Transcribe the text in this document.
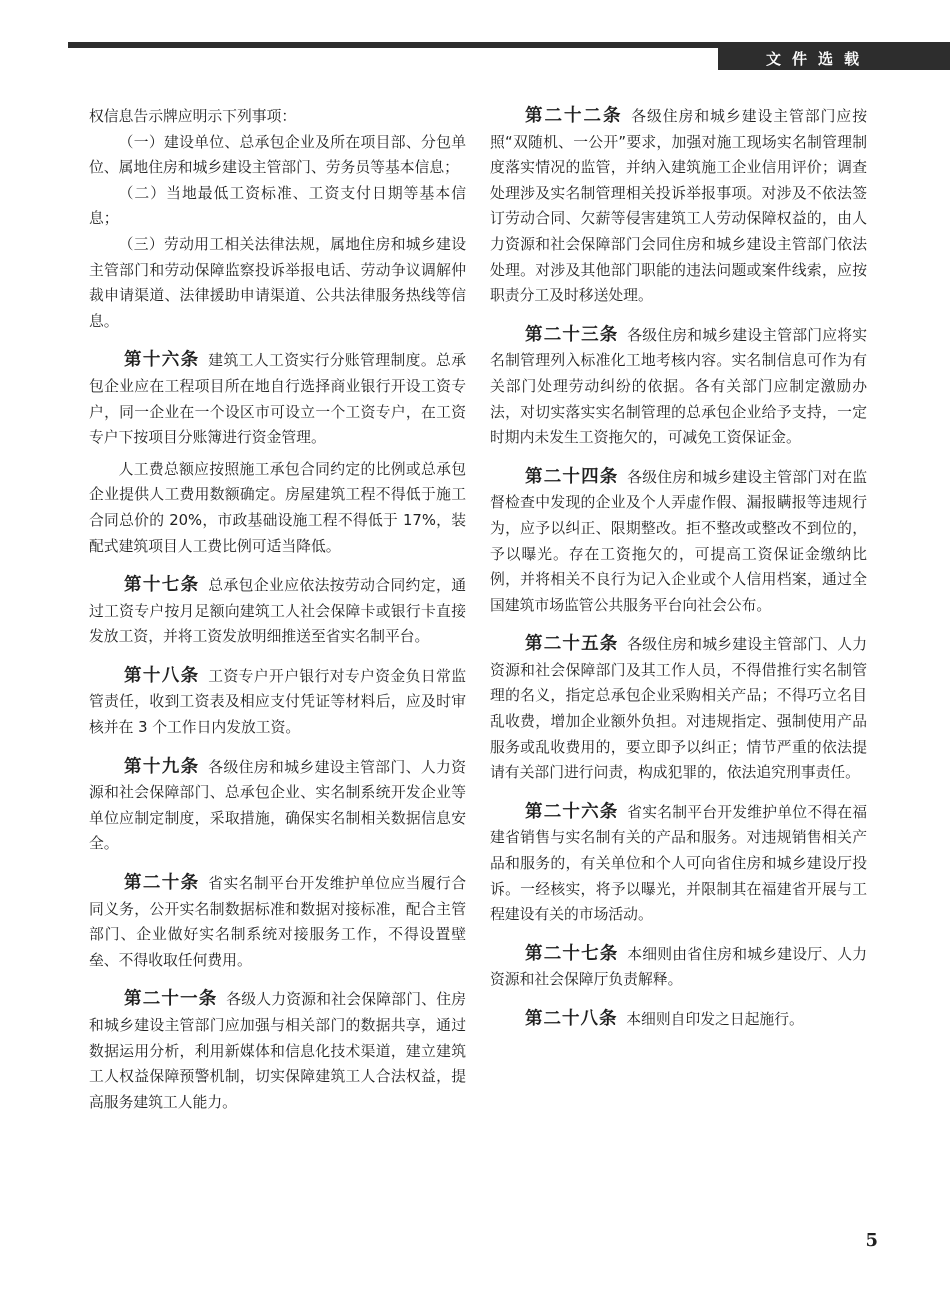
文件选载

权信息告示牌应明示下列事项：

（一）建设单位、总承包企业及所在项目部、分包单位、属地住房和城乡建设主管部门、劳务员等基本信息；

（二）当地最低工资标准、工资支付日期等基本信息；

（三）劳动用工相关法律法规，属地住房和城乡建设主管部门和劳动保障监察投诉举报电话、劳动争议调解仲裁申请渠道、法律援助申请渠道、公共法律服务热线等信息。

第十六条 建筑工人工资实行分账管理制度。总承包企业应在工程项目所在地自行选择商业银行开设工资专户，同一企业在一个设区市可设立一个工资专户，在工资专户下按项目分账簿进行资金管理。

人工费总额应按照施工承包合同约定的比例或总承包企业提供人工费用数额确定。房屋建筑工程不得低于施工合同总价的 20%，市政基础设施工程不得低于 17%，装配式建筑项目人工费比例可适当降低。

第十七条 总承包企业应依法按劳动合同约定，通过工资专户按月足额向建筑工人社会保障卡或银行卡直接发放工资，并将工资发放明细推送至省实名制平台。

第十八条 工资专户开户银行对专户资金负日常监管责任，收到工资表及相应支付凭证等材料后，应及时审核并在 3 个工作日内发放工资。

第十九条 各级住房和城乡建设主管部门、人力资源和社会保障部门、总承包企业、实名制系统开发企业等单位应制定制度，采取措施，确保实名制相关数据信息安全。

第二十条 省实名制平台开发维护单位应当履行合同义务，公开实名制数据标准和数据对接标准，配合主管部门、企业做好实名制系统对接服务工作，不得设置壁垒、不得收取任何费用。

第二十一条 各级人力资源和社会保障部门、住房和城乡建设主管部门应加强与相关部门的数据共享，通过数据运用分析，利用新媒体和信息化技术渠道，建立建筑工人权益保障预警机制，切实保障建筑工人合法权益，提高服务建筑工人能力。

第二十二条 各级住房和城乡建设主管部门应按照“双随机、一公开”要求，加强对施工现场实名制管理制度落实情况的监管，并纳入建筑施工企业信用评价；调查处理涉及实名制管理相关投诉举报事项。对涉及不依法签订劳动合同、欠薪等侵害建筑工人劳动保障权益的，由人力资源和社会保障部门会同住房和城乡建设主管部门依法处理。对涉及其他部门职能的违法问题或案件线索，应按职责分工及时移送处理。

第二十三条 各级住房和城乡建设主管部门应将实名制管理列入标准化工地考核内容。实名制信息可作为有关部门处理劳动纠纷的依据。各有关部门应制定激励办法，对切实落实实名制管理的总承包企业给予支持，一定时期内未发生工资拖欠的，可减免工资保证金。

第二十四条 各级住房和城乡建设主管部门对在监督检查中发现的企业及个人弄虚作假、漏报瞒报等违规行为，应予以纠正、限期整改。拒不整改或整改不到位的，予以曝光。存在工资拖欠的，可提高工资保证金缴纳比例，并将相关不良行为记入企业或个人信用档案，通过全国建筑市场监管公共服务平台向社会公布。

第二十五条 各级住房和城乡建设主管部门、人力资源和社会保障部门及其工作人员，不得借推行实名制管理的名义，指定总承包企业采购相关产品；不得巧立名目乱收费，增加企业额外负担。对违规指定、强制使用产品服务或乱收费用的，要立即予以纠正；情节严重的依法提请有关部门进行问责，构成犯罪的，依法追究刑事责任。

第二十六条 省实名制平台开发维护单位不得在福建省销售与实名制有关的产品和服务。对违规销售相关产品和服务的，有关单位和个人可向省住房和城乡建设厅投诉。一经核实，将予以曝光，并限制其在福建省开展与工程建设有关的市场活动。

第二十七条 本细则由省住房和城乡建设厅、人力资源和社会保障厅负责解释。

第二十八条 本细则自印发之日起施行。

5
